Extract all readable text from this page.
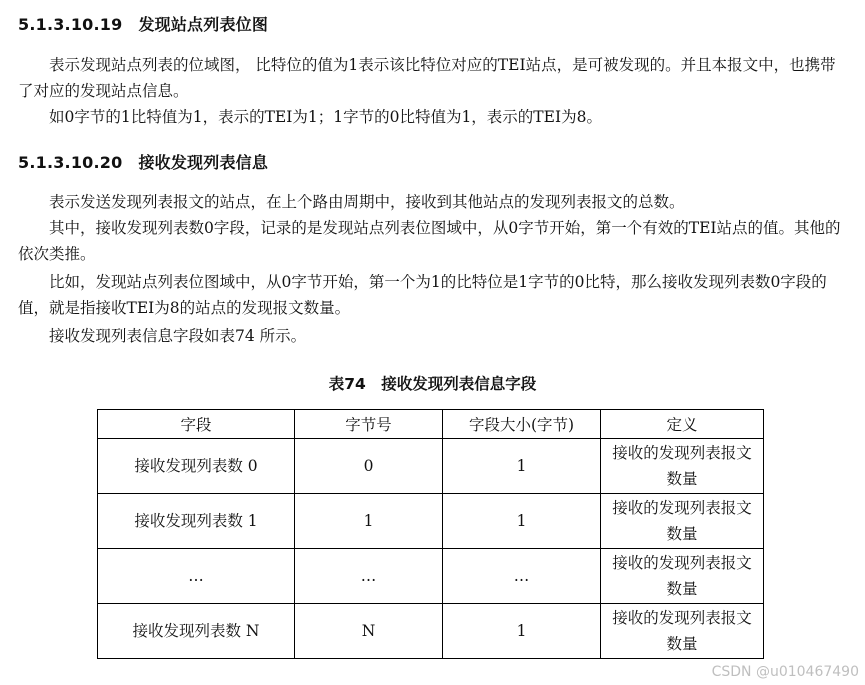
5.1.3.10.19 发现站点列表位图

表示发现站点列表的位域图， 比特位的值为1表示该比特位对应的TEI站点，是可被发现的。并且本报文中，也携带了对应的发现站点信息。

如0字节的1比特值为1，表示的TEI为1；1字节的0比特值为1，表示的TEI为8。

5.1.3.10.20 接收发现列表信息

表示发送发现列表报文的站点，在上个路由周期中，接收到其他站点的发现列表报文的总数。

其中，接收发现列表数0字段，记录的是发现站点列表位图域中，从0字节开始，第一个有效的TEI站点的值。其他的依次类推。

比如，发现站点列表位图域中，从0字节开始，第一个为1的比特位是1字节的0比特，那么接收发现列表数0字段的值，就是指接收TEI为8的站点的发现报文数量。

接收发现列表信息字段如表74 所示。

表74　接收发现列表信息字段
字段	字节号	字段大小(字节)	定义
接收发现列表数 0	0	1	接收的发现列表报文数量
接收发现列表数 1	1	1	接收的发现列表报文数量
…	…	…	接收的发现列表报文数量
接收发现列表数 N	N	1	接收的发现列表报文数量
CSDN @u010467490
